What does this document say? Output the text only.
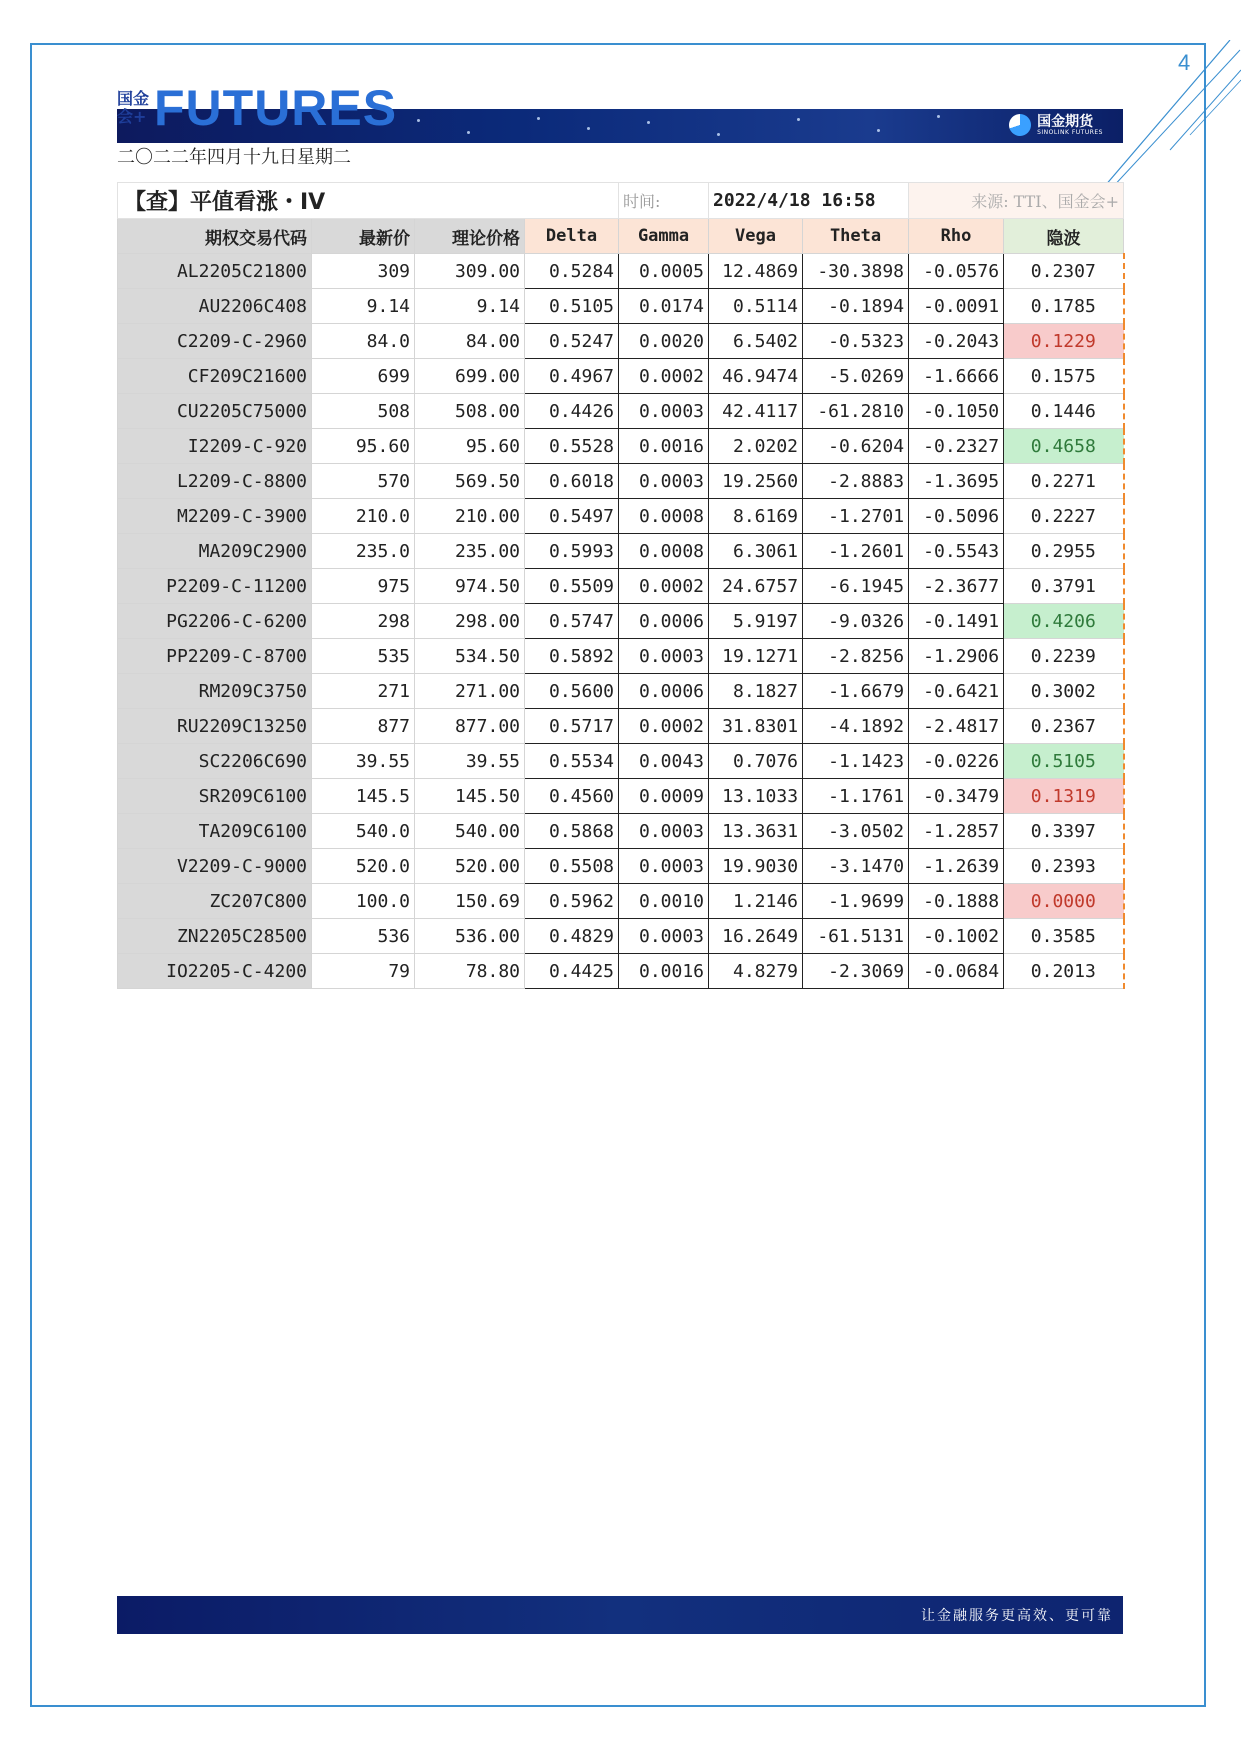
4
国金期货
SINOLINK FUTURES
国金会+ FUTURES
二〇二二年四月十九日星期二
【查】平值看涨・IV				时间:	2022/4/18 16:58		来源: TTI、国金会+	
期权交易代码	最新价	理论价格	Delta	Gamma	Vega	Theta	Rho	隐波
AL2205C21800	309	309.00	0.5284	0.0005	12.4869	-30.3898	-0.0576	0.2307
AU2206C408	9.14	9.14	0.5105	0.0174	0.5114	-0.1894	-0.0091	0.1785
C2209-C-2960	84.0	84.00	0.5247	0.0020	6.5402	-0.5323	-0.2043	0.1229
CF209C21600	699	699.00	0.4967	0.0002	46.9474	-5.0269	-1.6666	0.1575
CU2205C75000	508	508.00	0.4426	0.0003	42.4117	-61.2810	-0.1050	0.1446
I2209-C-920	95.60	95.60	0.5528	0.0016	2.0202	-0.6204	-0.2327	0.4658
L2209-C-8800	570	569.50	0.6018	0.0003	19.2560	-2.8883	-1.3695	0.2271
M2209-C-3900	210.0	210.00	0.5497	0.0008	8.6169	-1.2701	-0.5096	0.2227
MA209C2900	235.0	235.00	0.5993	0.0008	6.3061	-1.2601	-0.5543	0.2955
P2209-C-11200	975	974.50	0.5509	0.0002	24.6757	-6.1945	-2.3677	0.3791
PG2206-C-6200	298	298.00	0.5747	0.0006	5.9197	-9.0326	-0.1491	0.4206
PP2209-C-8700	535	534.50	0.5892	0.0003	19.1271	-2.8256	-1.2906	0.2239
RM209C3750	271	271.00	0.5600	0.0006	8.1827	-1.6679	-0.6421	0.3002
RU2209C13250	877	877.00	0.5717	0.0002	31.8301	-4.1892	-2.4817	0.2367
SC2206C690	39.55	39.55	0.5534	0.0043	0.7076	-1.1423	-0.0226	0.5105
SR209C6100	145.5	145.50	0.4560	0.0009	13.1033	-1.1761	-0.3479	0.1319
TA209C6100	540.0	540.00	0.5868	0.0003	13.3631	-3.0502	-1.2857	0.3397
V2209-C-9000	520.0	520.00	0.5508	0.0003	19.9030	-3.1470	-1.2639	0.2393
ZC207C800	100.0	150.69	0.5962	0.0010	1.2146	-1.9699	-0.1888	0.0000
ZN2205C28500	536	536.00	0.4829	0.0003	16.2649	-61.5131	-0.1002	0.3585
IO2205-C-4200	79	78.80	0.4425	0.0016	4.8279	-2.3069	-0.0684	0.2013
让金融服务更高效、更可靠
